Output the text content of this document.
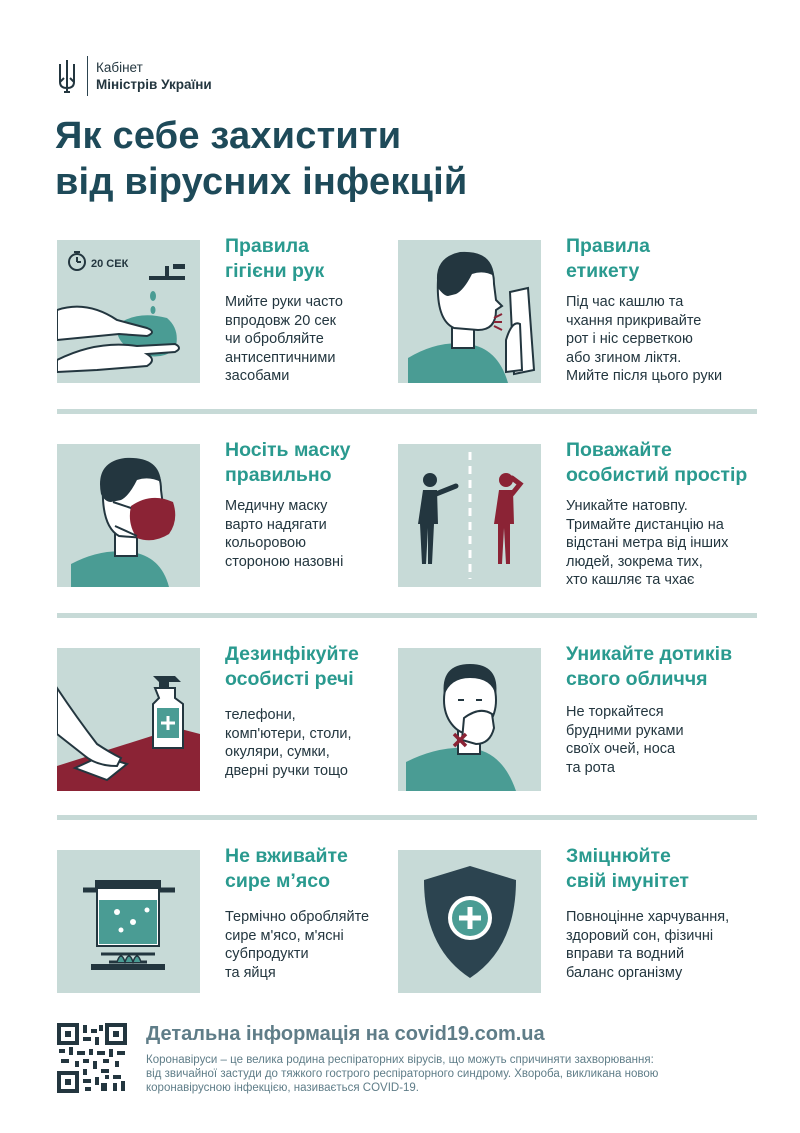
Кабінет
Міністрів України
Як себе захистити
від вірусних інфекцій
20 СЕК
Правила
гігієни рук

Мийте руки часто
впродовж 20 сек
чи обробляйте
антисептичними
засобами

Правила
етикету

Під час кашлю та
чхання прикривайте
рот і ніс серветкою
або згином ліктя.
Мийте після цього руки

Носіть маску
правильно

Медичну маску
варто надягати
кольоровою
стороною назовні

Поважайте
особистий простір

Уникайте натовпу.
Тримайте дистанцію на
відстані метра від інших
людей, зокрема тих,
хто кашляє та чхає

Дезинфікуйте
особисті речі

телефони,
комп'ютери, столи,
окуляри, сумки,
дверні ручки тощо

Уникайте дотиків
свого обличчя

Не торкайтеся
брудними руками
своїх очей, носа
та рота

Не вживайте
сире м’ясо

Термічно обробляйте
сире м'ясо, м'ясні
субпродукти
та яйця

Зміцнюйте
свій імунітет

Повноцінне харчування,
здоровий сон, фізичні
вправи та водний
баланс організму

Детальна інформація на covid19.com.ua

Коронавіруси – це велика родина респіраторних вірусів, що можуть спричиняти захворювання:
від звичайної застуди до тяжкого гострого респіраторного синдрому. Хвороба, викликана новою
коронавірусною інфекцією, називається COVID-19.
